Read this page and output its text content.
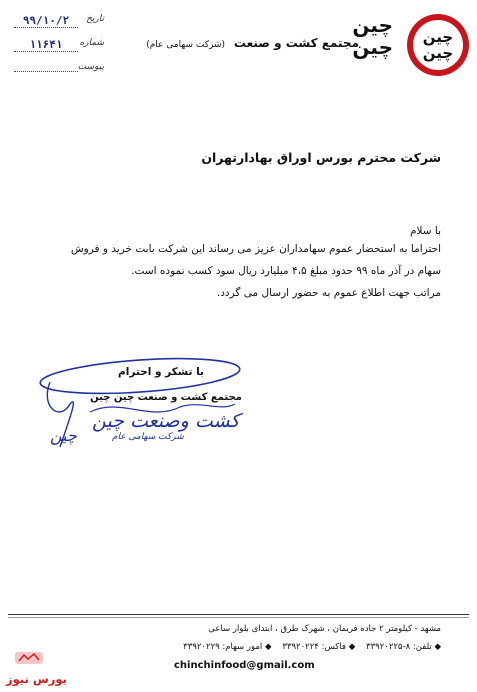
چین
چین
چین
چین
مجتمع کشت و صنعت
(شرکت سهامی عام)
تاریخ
۹۹/۱۰/۲
شماره
۱۱۶۴۱
پیوست
شرکت محترم بورس اوراق بهادارتهران
با سلام
احتراما به استحضار عموم سهامداران عزیز می رساند این شرکت بابت خرید و فروش
سهام در آذر ماه ۹۹ حدود مبلغ ۴،۵ میلیارد ریال سود کسب نموده است.
مراتب جهت اطلاع عموم به حضور ارسال می گردد.
با تشکر و احترام
مجتمع کشت و صنعت چین چین
کشت وصنعت چین
چین	شرکت سهامی عام
مشهد - کیلومتر ۲ جاده فریمان ، شهرک طرق ، ابتدای بلوار ساعی
◆ تلفن: ۸-۳۳۹۲۰۲۲۵    ◆ فاکس: ۳۳۹۲۰۲۲۴    ◆ امور سهام: ۳۳۹۲۰۲۲۹
chinchinfood@gmail.com
بورس نیوز
